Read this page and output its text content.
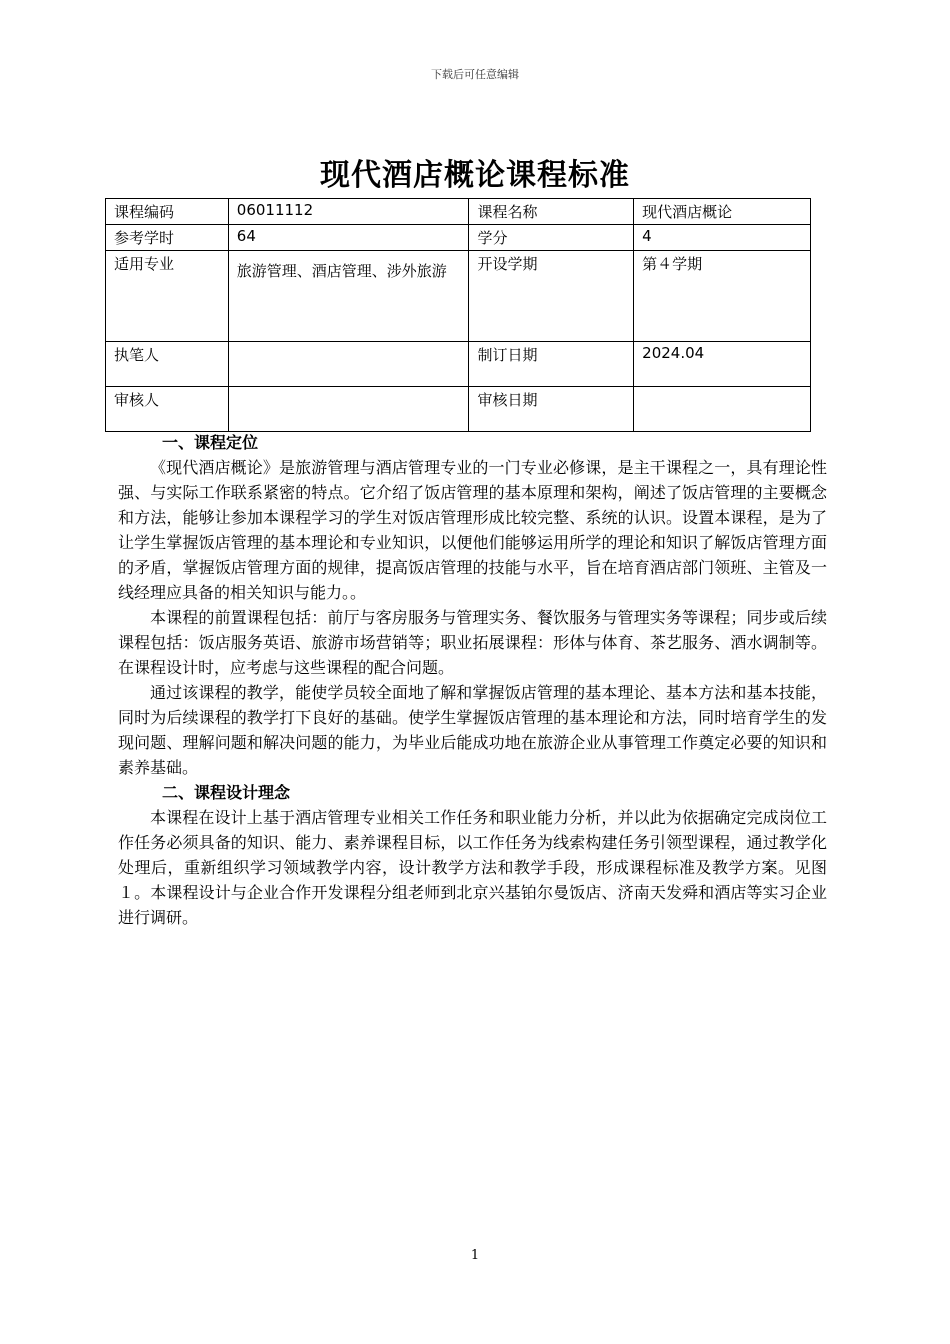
下载后可任意编辑
现代酒店概论课程标准
课程编码	06011112	课程名称	现代酒店概论
参考学时	64	学分	4
适用专业	旅游管理、酒店管理、涉外旅游	开设学期	第４学期
执笔人		制订日期	2024.04
审核人		审核日期	
一、课程定位

《现代酒店概论》是旅游管理与酒店管理专业的一门专业必修课，是主干课程之一，具有理论性强、与实际工作联系紧密的特点。它介绍了饭店管理的基本原理和架构，阐述了饭店管理的主要概念和方法，能够让参加本课程学习的学生对饭店管理形成比较完整、系统的认识。设置本课程，是为了让学生掌握饭店管理的基本理论和专业知识，以便他们能够运用所学的理论和知识了解饭店管理方面的矛盾，掌握饭店管理方面的规律，提高饭店管理的技能与水平，旨在培育酒店部门领班、主管及一线经理应具备的相关知识与能力。。

本课程的前置课程包括：前厅与客房服务与管理实务、餐饮服务与管理实务等课程；同步或后续课程包括：饭店服务英语、旅游市场营销等；职业拓展课程：形体与体育、茶艺服务、酒水调制等。在课程设计时，应考虑与这些课程的配合问题。

通过该课程的教学，能使学员较全面地了解和掌握饭店管理的基本理论、基本方法和基本技能，同时为后续课程的教学打下良好的基础。使学生掌握饭店管理的基本理论和方法，同时培育学生的发现问题、理解问题和解决问题的能力，为毕业后能成功地在旅游企业从事管理工作奠定必要的知识和素养基础。

二、课程设计理念

本课程在设计上基于酒店管理专业相关工作任务和职业能力分析，并以此为依据确定完成岗位工作任务必须具备的知识、能力、素养课程目标，以工作任务为线索构建任务引领型课程，通过教学化处理后，重新组织学习领域教学内容，设计教学方法和教学手段，形成课程标准及教学方案。见图１。本课程设计与企业合作开发课程分组老师到北京兴基铂尔曼饭店、济南天发舜和酒店等实习企业进行调研。

1
